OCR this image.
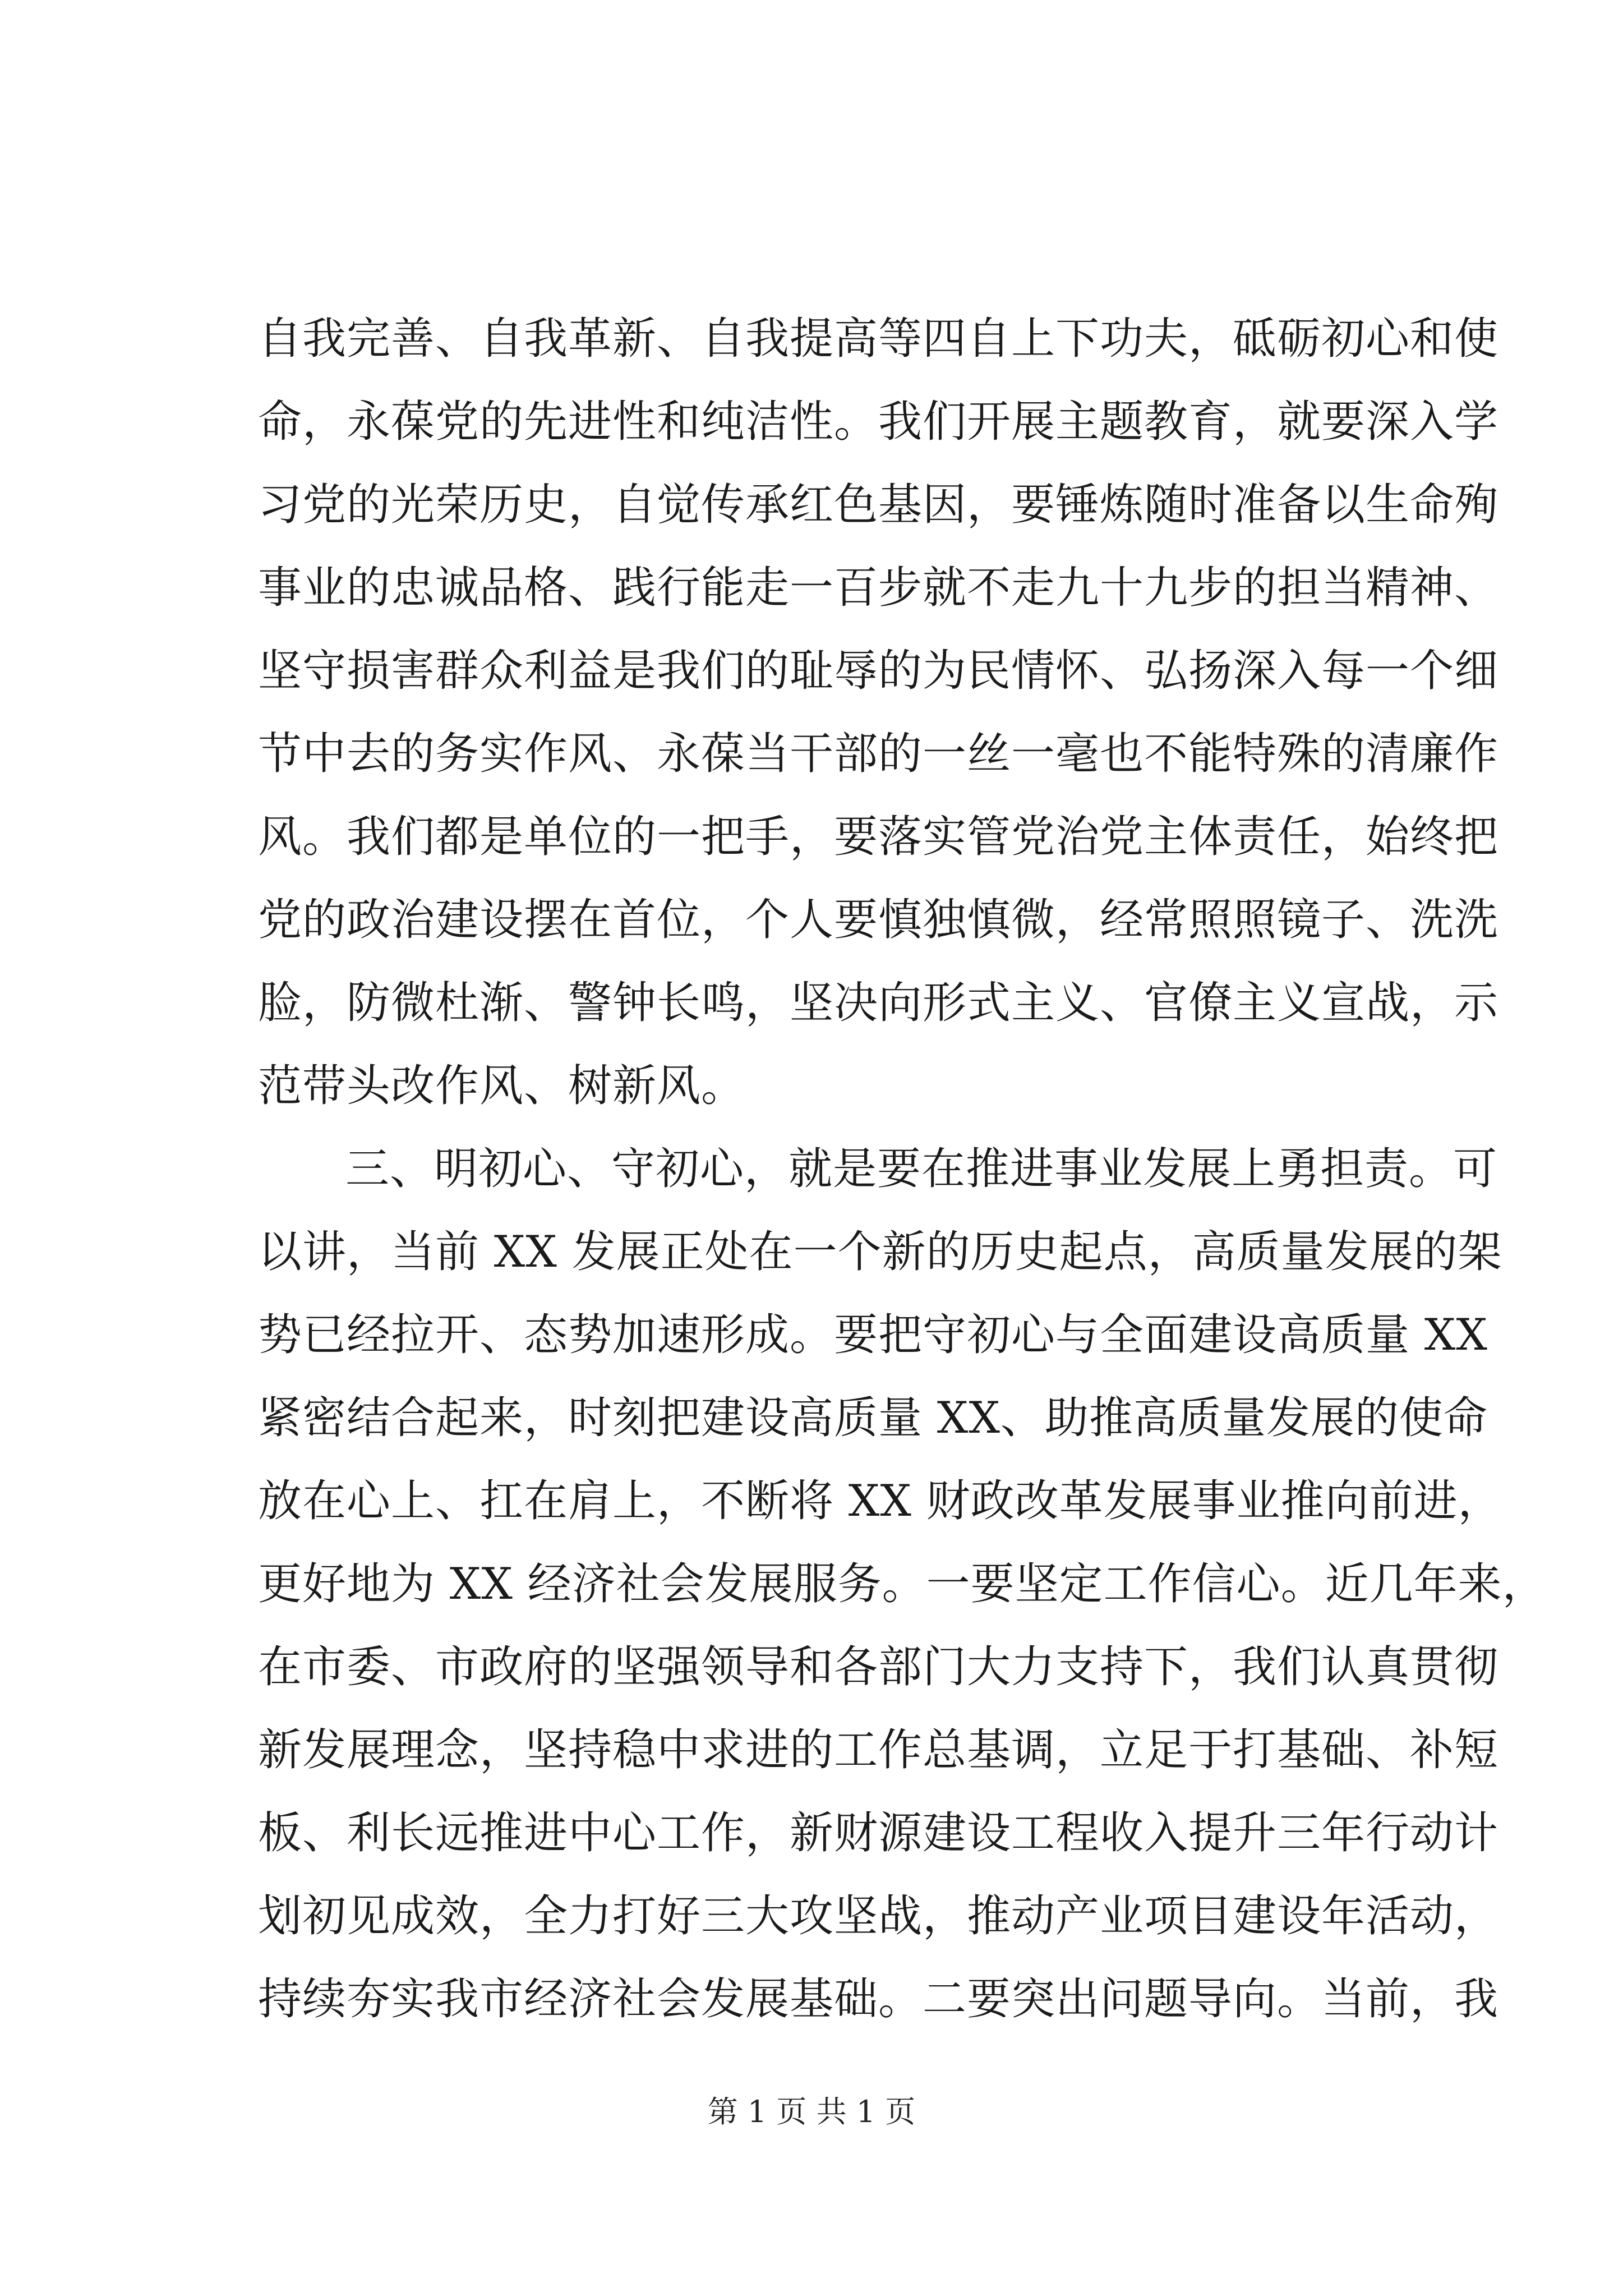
自我完善、自我革新、自我提高等四自上下功夫，砥砺初心和使
命，永葆党的先进性和纯洁性。我们开展主题教育，就要深入学
习党的光荣历史，自觉传承红色基因，要锤炼随时准备以生命殉
事业的忠诚品格、践行能走一百步就不走九十九步的担当精神、
坚守损害群众利益是我们的耻辱的为民情怀、弘扬深入每一个细
节中去的务实作风、永葆当干部的一丝一毫也不能特殊的清廉作
风。我们都是单位的一把手，要落实管党治党主体责任，始终把
党的政治建设摆在首位，个人要慎独慎微，经常照照镜子、洗洗
脸，防微杜渐、警钟长鸣，坚决向形式主义、官僚主义宣战，示
范带头改作风、树新风。
三、明初心、守初心，就是要在推进事业发展上勇担责。可
以讲，当前 XX 发展正处在一个新的历史起点，高质量发展的架
势已经拉开、态势加速形成。要把守初心与全面建设高质量 XX
紧密结合起来，时刻把建设高质量 XX、助推高质量发展的使命
放在心上、扛在肩上，不断将 XX 财政改革发展事业推向前进，
更好地为 XX 经济社会发展服务。一要坚定工作信心。近几年来，
在市委、市政府的坚强领导和各部门大力支持下，我们认真贯彻
新发展理念，坚持稳中求进的工作总基调，立足于打基础、补短
板、利长远推进中心工作，新财源建设工程收入提升三年行动计
划初见成效，全力打好三大攻坚战，推动产业项目建设年活动，
持续夯实我市经济社会发展基础。二要突出问题导向。当前，我
第 1 页 共 1 页
